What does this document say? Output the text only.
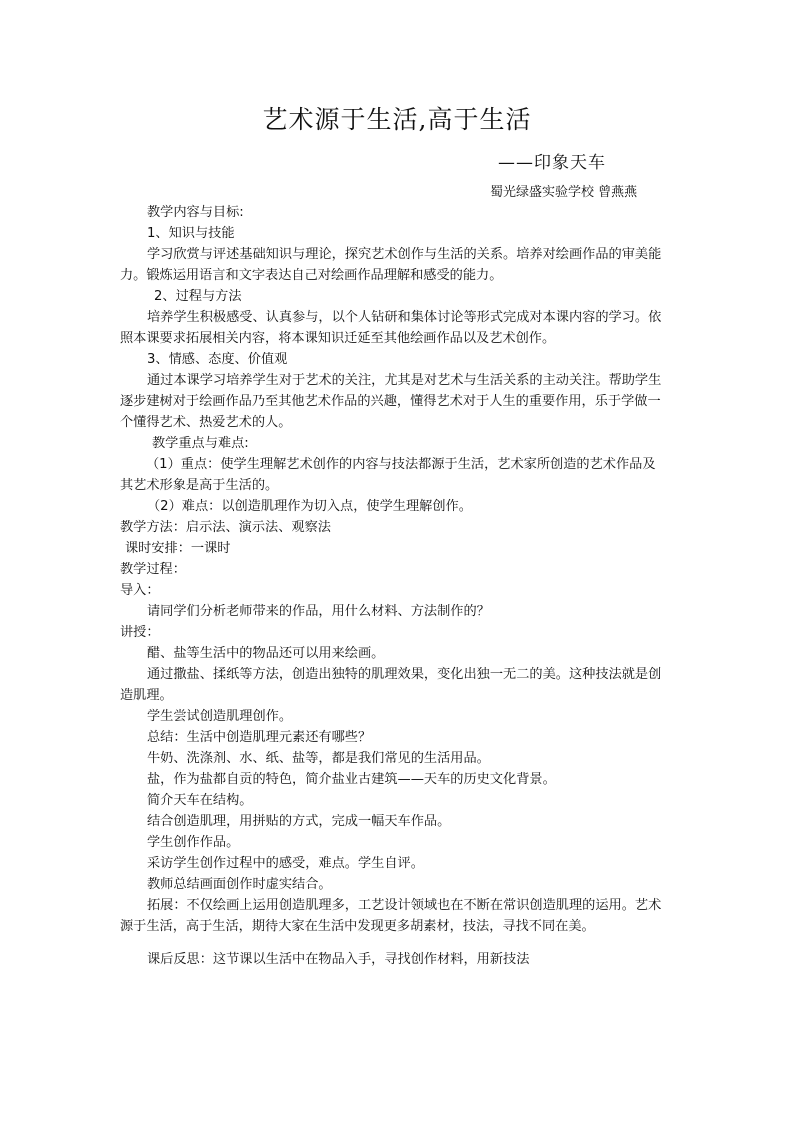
艺术源于生活,高于生活

——印象天车

蜀光绿盛实验学校 曾燕燕

教学内容与目标:

1、知识与技能

学习欣赏与评述基础知识与理论，探究艺术创作与生活的关系。培养对绘画作品的审美能力。锻炼运用语言和文字表达自己对绘画作品理解和感受的能力。

2、过程与方法

培养学生积极感受、认真参与，以个人钻研和集体讨论等形式完成对本课内容的学习。依照本课要求拓展相关内容，将本课知识迁延至其他绘画作品以及艺术创作。

3、情感、态度、价值观

通过本课学习培养学生对于艺术的关注，尤其是对艺术与生活关系的主动关注。帮助学生逐步建树对于绘画作品乃至其他艺术作品的兴趣，懂得艺术对于人生的重要作用，乐于学做一个懂得艺术、热爱艺术的人。

教学重点与难点:

（1）重点：使学生理解艺术创作的内容与技法都源于生活，艺术家所创造的艺术作品及其艺术形象是高于生活的。

（2）难点：以创造肌理作为切入点，使学生理解创作。

教学方法：启示法、演示法、观察法

课时安排：一课时

教学过程：

导入：

请同学们分析老师带来的作品，用什么材料、方法制作的？

讲授：

醋、盐等生活中的物品还可以用来绘画。

通过撒盐、揉纸等方法，创造出独特的肌理效果，变化出独一无二的美。这种技法就是创造肌理。

学生尝试创造肌理创作。

总结：生活中创造肌理元素还有哪些？

牛奶、洗涤剂、水、纸、盐等，都是我们常见的生活用品。

盐，作为盐都自贡的特色，简介盐业古建筑——天车的历史文化背景。

简介天车在结构。

结合创造肌理，用拼贴的方式，完成一幅天车作品。

学生创作作品。

采访学生创作过程中的感受，难点。学生自评。

教师总结画面创作时虚实结合。

拓展：不仅绘画上运用创造肌理多，工艺设计领域也在不断在常识创造肌理的运用。艺术源于生活，高于生活，期待大家在生活中发现更多胡素材，技法，寻找不同在美。

课后反思：这节课以生活中在物品入手，寻找创作材料，用新技法
